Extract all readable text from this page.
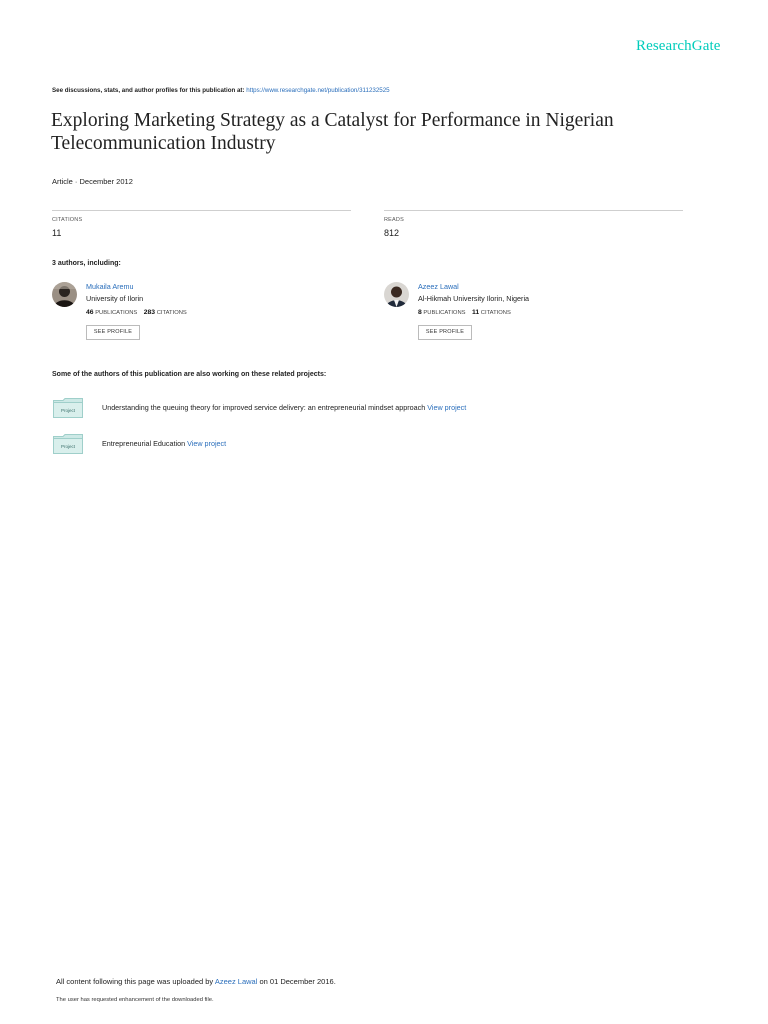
ResearchGate
See discussions, stats, and author profiles for this publication at: https://www.researchgate.net/publication/311232525
Exploring Marketing Strategy as a Catalyst for Performance in Nigerian Telecommunication Industry
Article · December 2012
CITATIONS
11
READS
812
3 authors, including:
Mukaila Aremu
University of Ilorin
46 PUBLICATIONS 283 CITATIONS
SEE PROFILE
Azeez Lawal
Al-Hikmah University Ilorin, Nigeria
8 PUBLICATIONS 11 CITATIONS
SEE PROFILE
Some of the authors of this publication are also working on these related projects:
Project	Understanding the queuing theory for improved service delivery: an entrepreneurial mindset approach View project
Project	Entrepreneurial Education View project
All content following this page was uploaded by Azeez Lawal on 01 December 2016.
The user has requested enhancement of the downloaded file.
